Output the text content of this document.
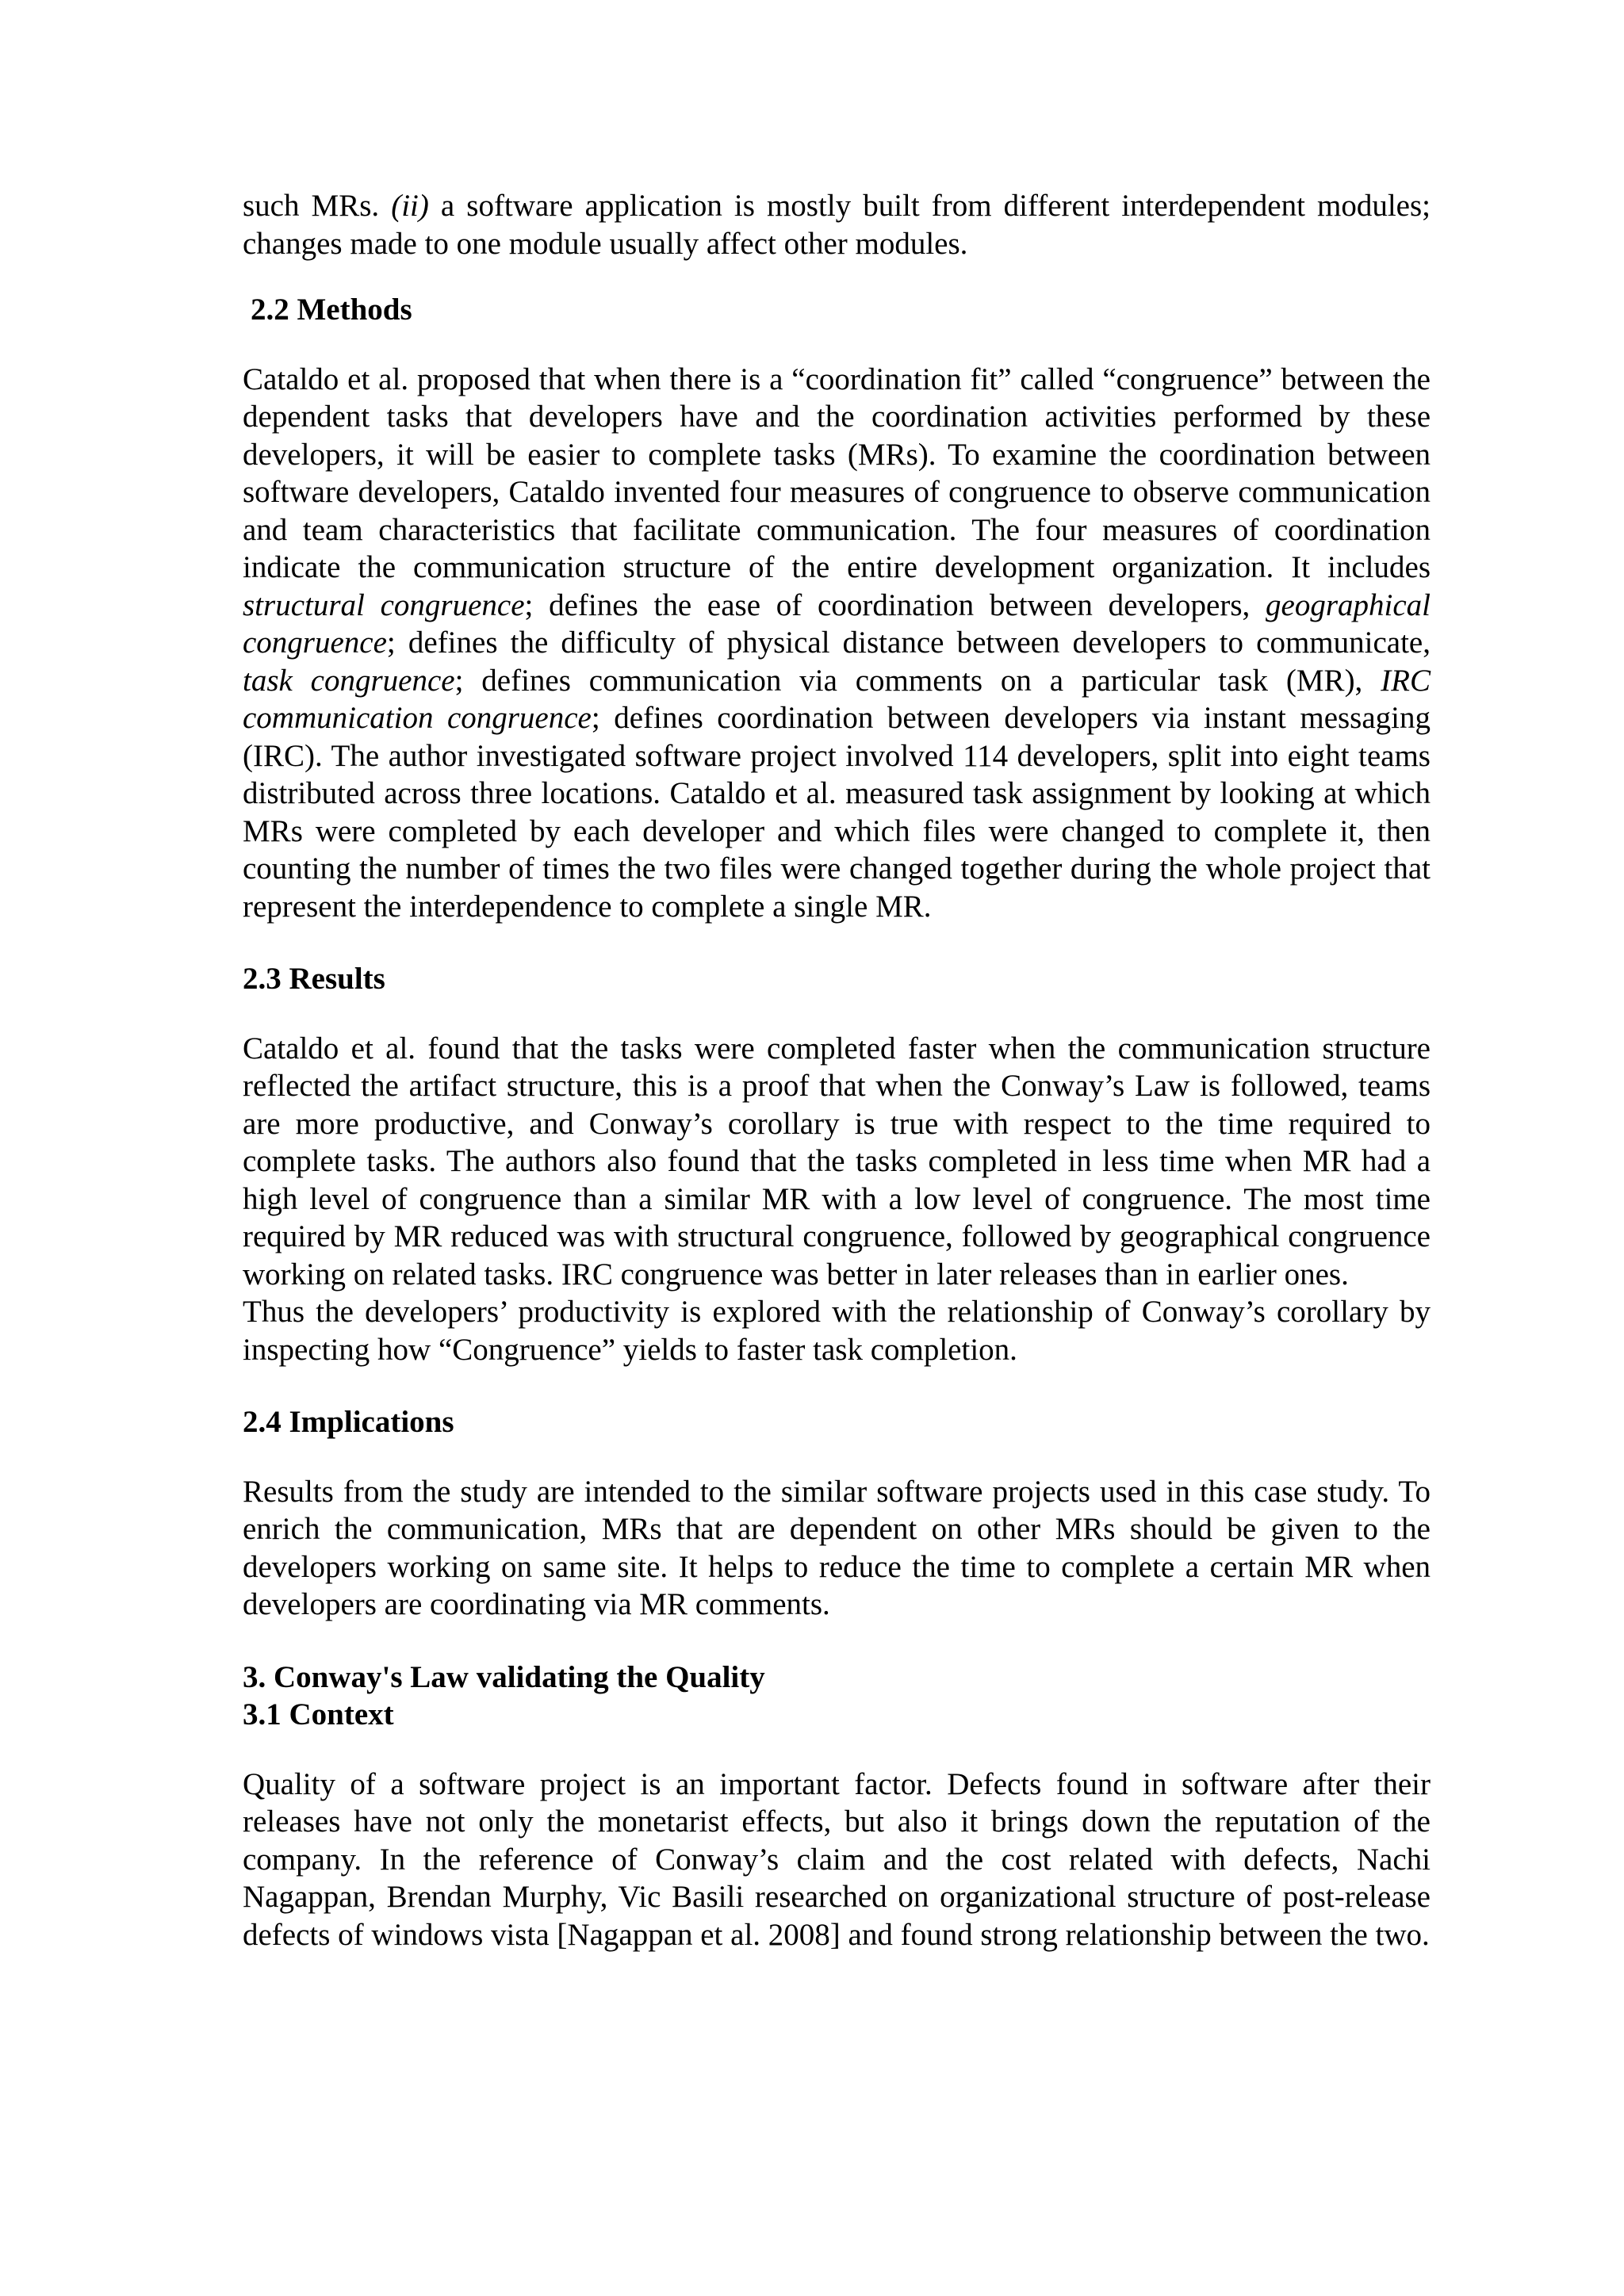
such MRs. (ii) a software application is mostly built from different interdependent modules; changes made to one module usually affect other modules.

2.2 Methods

Cataldo et al. proposed that when there is a “coordination fit” called “congruence” between the dependent tasks that developers have and the coordination activities performed by these developers, it will be easier to complete tasks (MRs). To examine the coordination between software developers, Cataldo invented four measures of congruence to observe communication and team characteristics that facilitate communication. The four measures of coordination indicate the communication structure of the entire development organization. It includes structural congruence; defines the ease of coordination between developers, geographical congruence; defines the difficulty of physical distance between developers to communicate, task congruence; defines communication via comments on a particular task (MR), IRC communication congruence; defines coordination between developers via instant messaging (IRC). The author investigated software project involved 114 developers, split into eight teams distributed across three locations. Cataldo et al. measured task assignment by looking at which MRs were completed by each developer and which files were changed to complete it, then counting the number of times the two files were changed together during the whole project that represent the interdependence to complete a single MR.

2.3 Results

Cataldo et al. found that the tasks were completed faster when the communication structure reflected the artifact structure, this is a proof that when the Conway’s Law is followed, teams are more productive, and Conway’s corollary is true with respect to the time required to complete tasks. The authors also found that the tasks completed in less time when MR had a high level of congruence than a similar MR with a low level of congruence. The most time required by MR reduced was with structural congruence, followed by geographical congruence working on related tasks. IRC congruence was better in later releases than in earlier ones.

Thus the developers’ productivity is explored with the relationship of Conway’s corollary by inspecting how “Congruence” yields to faster task completion.

2.4 Implications

Results from the study are intended to the similar software projects used in this case study. To enrich the communication, MRs that are dependent on other MRs should be given to the developers working on same site. It helps to reduce the time to complete a certain MR when developers are coordinating via MR comments.

3. Conway's Law validating the Quality
3.1 Context

Quality of a software project is an important factor. Defects found in software after their releases have not only the monetarist effects, but also it brings down the reputation of the company. In the reference of Conway’s claim and the cost related with defects, Nachi Nagappan, Brendan Murphy, Vic Basili researched on organizational structure of post-release defects of windows vista [Nagappan et al. 2008] and found strong relationship between the two.
